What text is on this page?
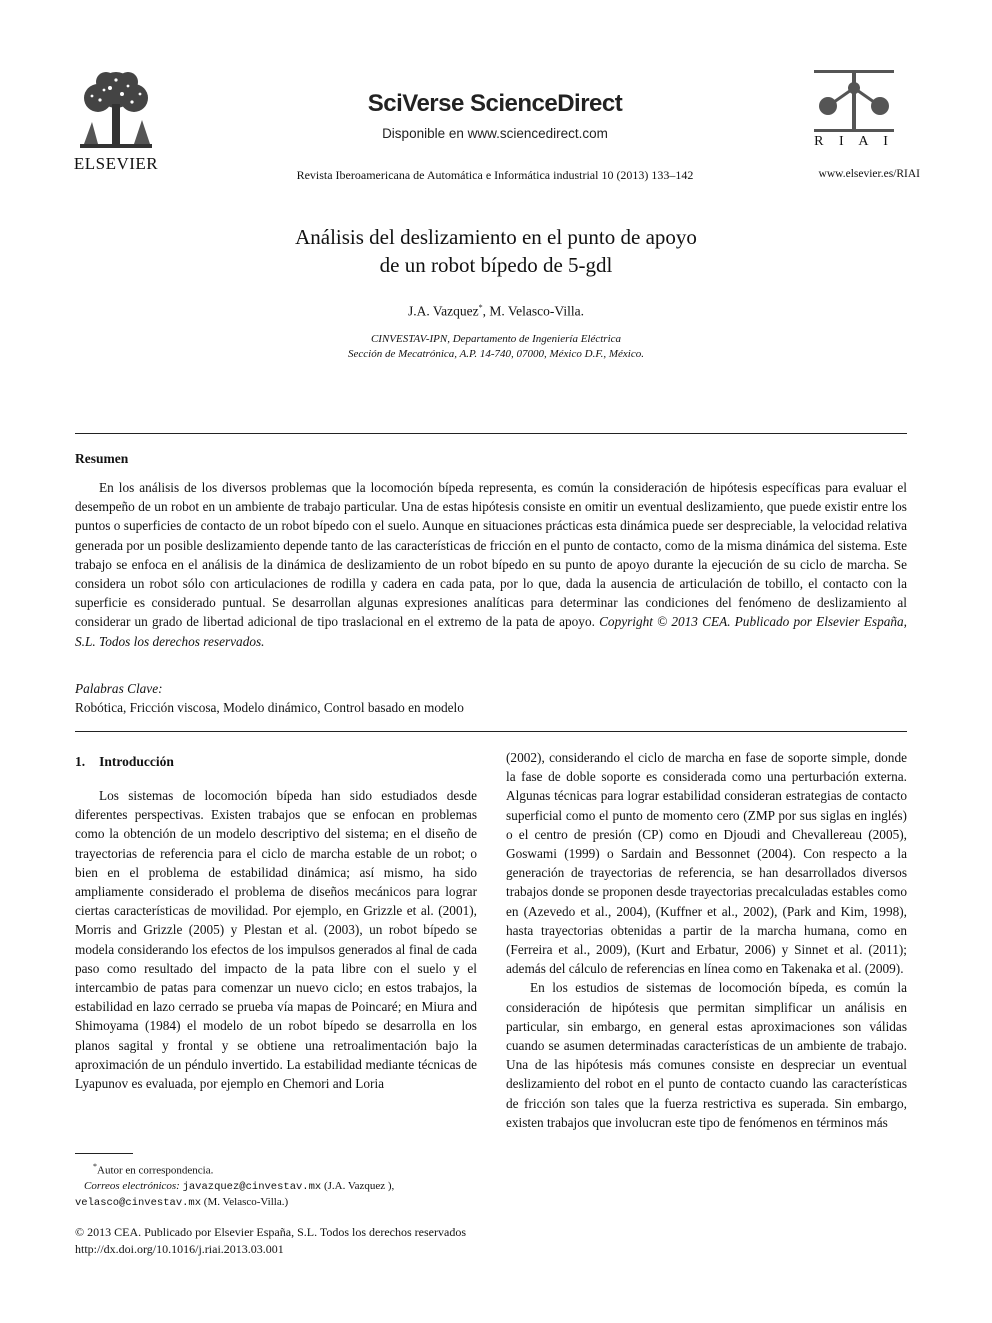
ELSEVIER
SciVerse ScienceDirect
Disponible en www.sciencedirect.com
Revista Iberoamericana de Automática e Informática industrial 10 (2013) 133–142
R I A I
www.elsevier.es/RIAI
Análisis del deslizamiento en el punto de apoyo
de un robot bípedo de 5-gdl
J.A. Vazquez*, M. Velasco-Villa.
CINVESTAV-IPN, Departamento de Ingeniería Eléctrica
Sección de Mecatrónica, A.P. 14-740, 07000, México D.F., México.
Resumen
En los análisis de los diversos problemas que la locomoción bípeda representa, es común la consideración de hipótesis específicas para evaluar el desempeño de un robot en un ambiente de trabajo particular. Una de estas hipótesis consiste en omitir un eventual deslizamiento, que puede existir entre los puntos o superficies de contacto de un robot bípedo con el suelo. Aunque en situaciones prácticas esta dinámica puede ser despreciable, la velocidad relativa generada por un posible deslizamiento depende tanto de las características de fricción en el punto de contacto, como de la misma dinámica del sistema. Este trabajo se enfoca en el análisis de la dinámica de deslizamiento de un robot bípedo en su punto de apoyo durante la ejecución de su ciclo de marcha. Se considera un robot sólo con articulaciones de rodilla y cadera en cada pata, por lo que, dada la ausencia de articulación de tobillo, el contacto con la superficie es considerado puntual. Se desarrollan algunas expresiones analíticas para determinar las condiciones del fenómeno de deslizamiento al considerar un grado de libertad adicional de tipo traslacional en el extremo de la pata de apoyo. Copyright © 2013 CEA. Publicado por Elsevier España, S.L. Todos los derechos reservados.
Palabras Clave:
Robótica, Fricción viscosa, Modelo dinámico, Control basado en modelo
1. Introducción
Los sistemas de locomoción bípeda han sido estudiados desde diferentes perspectivas. Existen trabajos que se enfocan en problemas como la obtención de un modelo descriptivo del sistema; en el diseño de trayectorias de referencia para el ciclo de marcha estable de un robot; o bien en el problema de estabilidad dinámica; así mismo, ha sido ampliamente considerado el problema de diseños mecánicos para lograr ciertas características de movilidad. Por ejemplo, en Grizzle et al. (2001), Morris and Grizzle (2005) y Plestan et al. (2003), un robot bípedo se modela considerando los efectos de los impulsos generados al final de cada paso como resultado del impacto de la pata libre con el suelo y el intercambio de patas para comenzar un nuevo ciclo; en estos trabajos, la estabilidad en lazo cerrado se prueba vía mapas de Poincaré; en Miura and Shimoyama (1984) el modelo de un robot bípedo se desarrolla en los planos sagital y frontal y se obtiene una retroalimentación bajo la aproximación de un péndulo invertido. La estabilidad mediante técnicas de Lyapunov es evaluada, por ejemplo en Chemori and Loria

(2002), considerando el ciclo de marcha en fase de soporte simple, donde la fase de doble soporte es considerada como una perturbación externa. Algunas técnicas para lograr estabilidad consideran estrategias de contacto superficial como el punto de momento cero (ZMP por sus siglas en inglés) o el centro de presión (CP) como en Djoudi and Chevallereau (2005), Goswami (1999) o Sardain and Bessonnet (2004). Con respecto a la generación de trayectorias de referencia, se han desarrollados diversos trabajos donde se proponen desde trayectorias precalculadas estables como en (Azevedo et al., 2004), (Kuffner et al., 2002), (Park and Kim, 1998), hasta trayectorias obtenidas a partir de la marcha humana, como en (Ferreira et al., 2009), (Kurt and Erbatur, 2006) y Sinnet et al. (2011); además del cálculo de referencias en línea como en Takenaka et al. (2009).

En los estudios de sistemas de locomoción bípeda, es común la consideración de hipótesis que permitan simplificar un análisis en particular, sin embargo, en general estas aproximaciones son válidas cuando se asumen determinadas características de un ambiente de trabajo. Una de las hipótesis más comunes consiste en despreciar un eventual deslizamiento del robot en el punto de contacto cuando las características de fricción son tales que la fuerza restrictiva es superada. Sin embargo, existen trabajos que involucran este tipo de fenómenos en términos más

*Autor en correspondencia.
Correos electrónicos: javazquez@cinvestav.mx (J.A. Vazquez ),
velasco@cinvestav.mx (M. Velasco-Villa.)
© 2013 CEA. Publicado por Elsevier España, S.L. Todos los derechos reservados
http://dx.doi.org/10.1016/j.riai.2013.03.001
